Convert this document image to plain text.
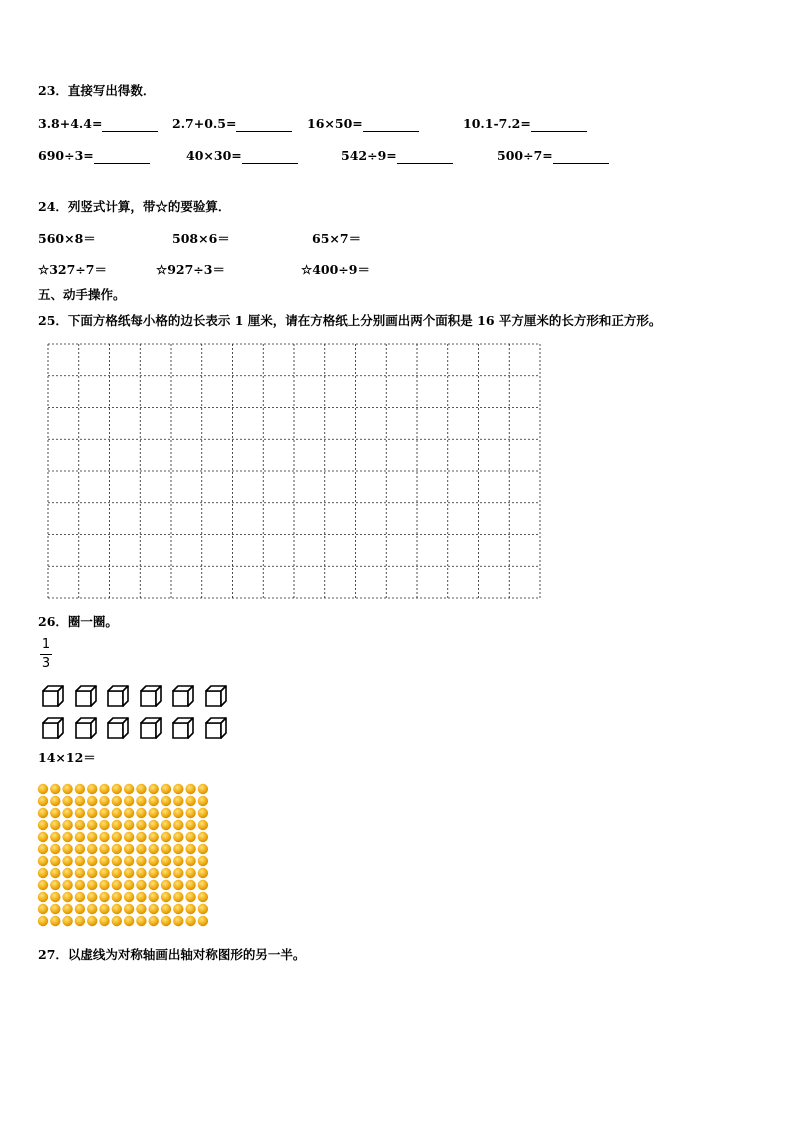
23．直接写出得数．
3.8+4.4=	2.7+0.5=	16×50=	10.1-7.2=
690÷3=	40×30=	542÷9=	500÷7=
24．列竖式计算，带☆的要验算．
560×8＝	508×6＝	65×7＝
☆327÷7＝	☆927÷3＝	☆400÷9＝
五、动手操作。
25．下面方格纸每小格的边长表示 1 厘米，请在方格纸上分别画出两个面积是 16 平方厘米的长方形和正方形。
26．圈一圈。
1
3
14×12＝
27．以虚线为对称轴画出轴对称图形的另一半。
